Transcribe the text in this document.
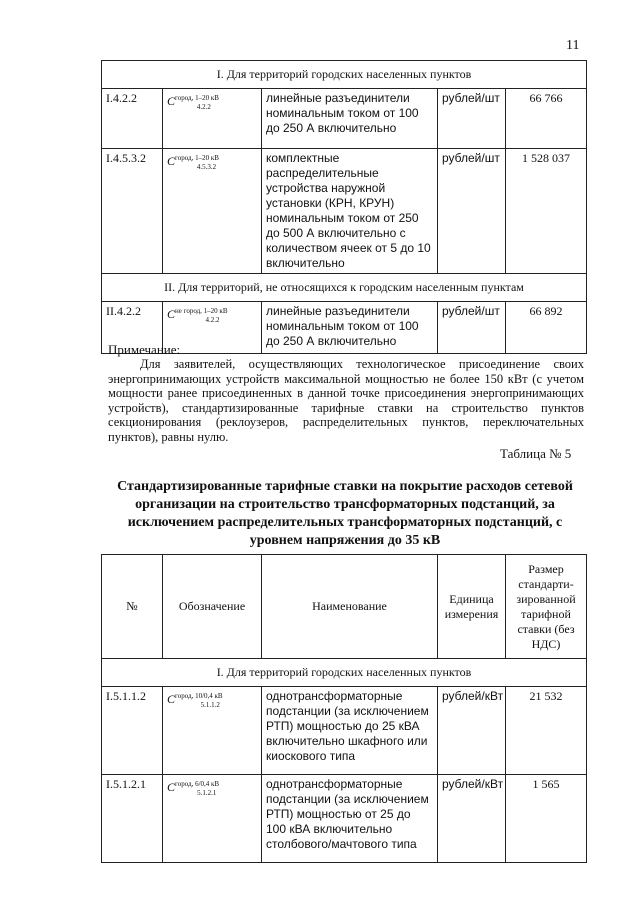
11
I. Для территорий городских населенных пунктов				
I.4.2.2	$C^{город, 1-20 кВ}_{4.2.2}$	линейные разъединители номинальным током от 100 до 250 А включительно	рублей/шт	66 766
I.4.5.3.2	$C^{город, 1-20 кВ}_{4.5.3.2}$	комплектные распределительные устройства наружной установки (КРН, КРУН) номинальным током от 250 до 500 А включительно с количеством ячеек от 5 до 10 включительно	рублей/шт	1 528 037
II. Для территорий, не относящихся к городским населенным пунктам				
II.4.2.2	$C^{не город, 1-20 кВ}_{4.2.2}$	линейные разъединители номинальным током от 100 до 250 А включительно	рублей/шт	66 892
Примечание:
Для заявителей, осуществляющих технологическое присоединение своих энергопринимающих устройств максимальной мощностью не более 150 кВт (с учетом мощности ранее присоединенных в данной точке присоединения энергопринимающих устройств), стандартизированные тарифные ставки на строительство пунктов секционирования (реклоузеров, распределительных пунктов, переключательных пунктов), равны нулю.
Таблица № 5
Стандартизированные тарифные ставки на покрытие расходов сетевой организации на строительство трансформаторных подстанций, за исключением распределительных трансформаторных подстанций, с уровнем напряжения до 35 кВ
№	Обозначение	Наименование	Единица измерения	Размер стандарти-зированной тарифной ставки (без НДС)
I. Для территорий городских населенных пунктов				
I.5.1.1.2	$C^{город, 10/0,4 кВ}_{5.1.1.2}$	однотрансформаторные подстанции (за исключением РТП) мощностью до 25 кВА включительно шкафного или киоскового типа	рублей/кВт	21 532
I.5.1.2.1	$C^{город, 6/0,4 кВ}_{5.1.2.1}$	однотрансформаторные подстанции (за исключением РТП) мощностью от 25 до 100 кВА включительно столбового/мачтового типа	рублей/кВт	1 565
